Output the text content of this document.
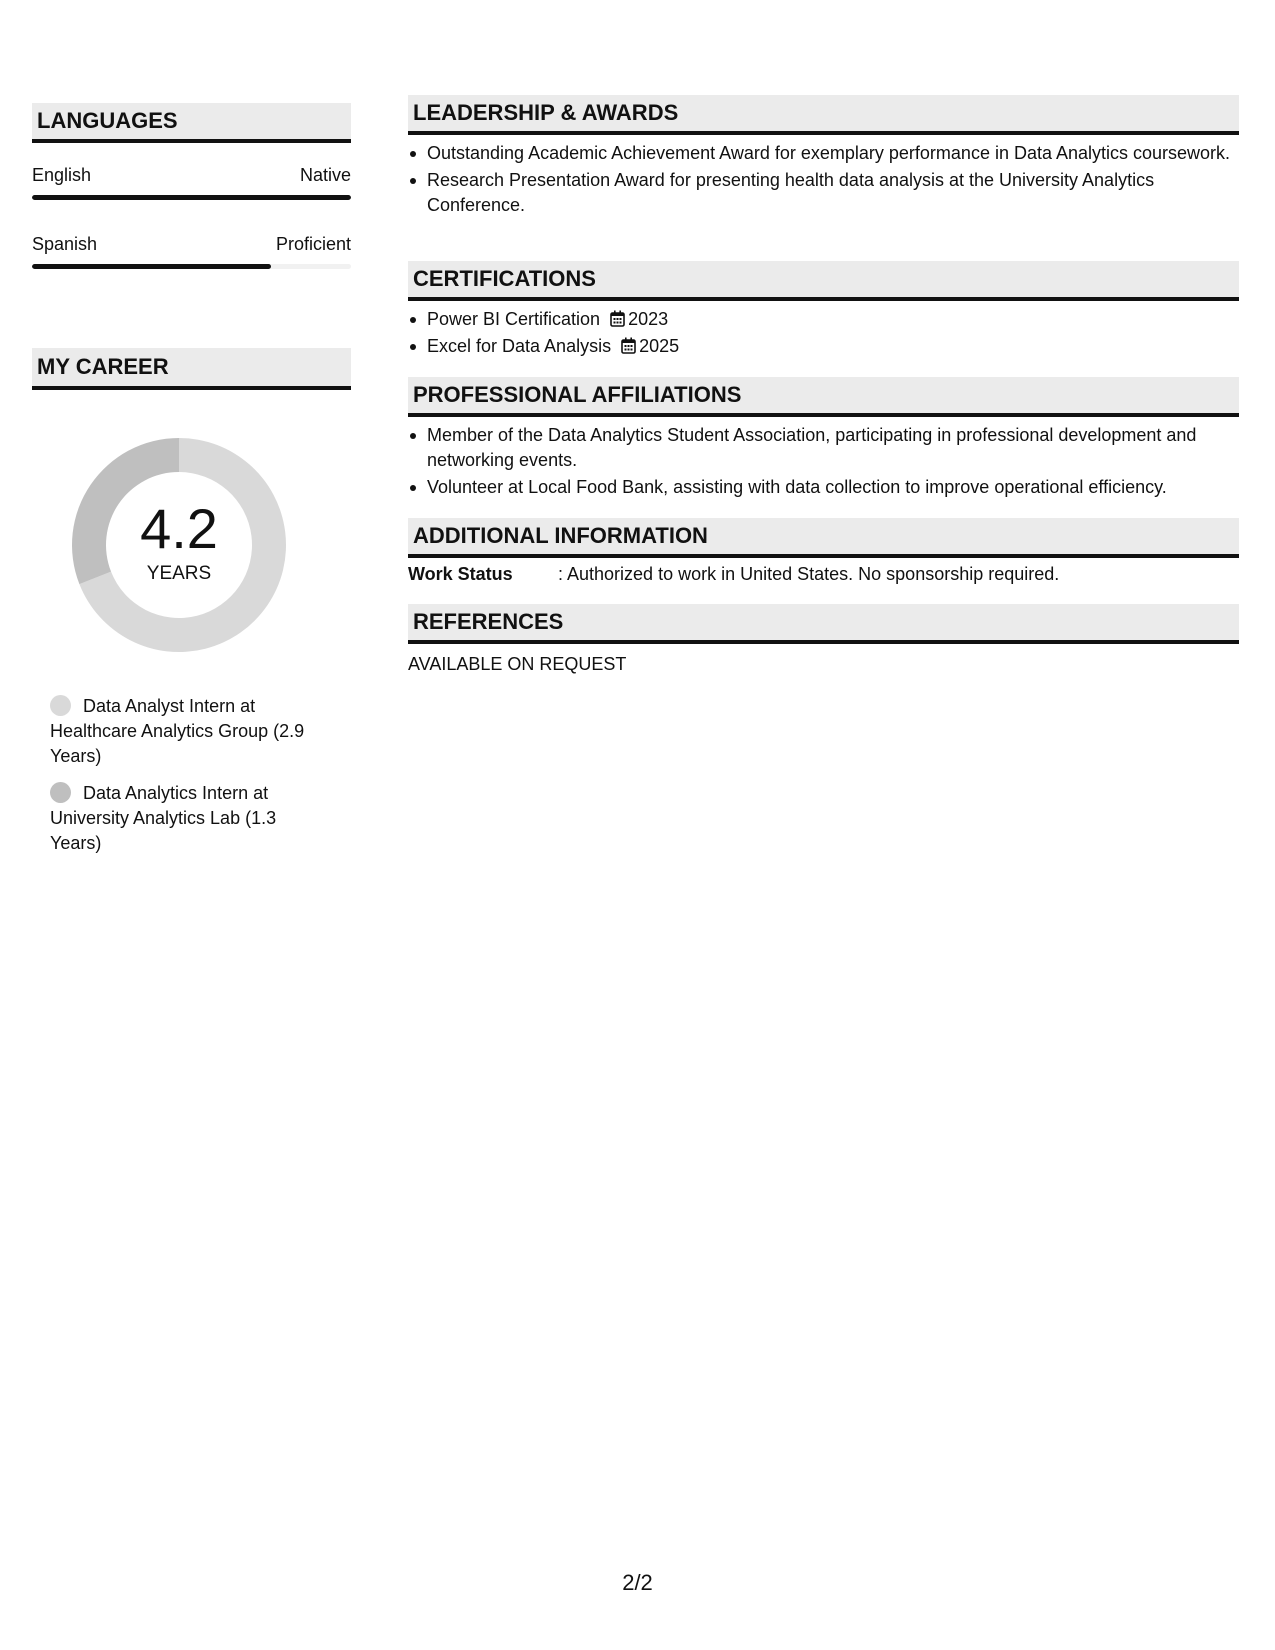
LANGUAGES
English	Native
Spanish	Proficient
MY CAREER
4.2
YEARS
Data Analyst Intern at Healthcare Analytics Group (2.9 Years)
Data Analytics Intern at University Analytics Lab (1.3 Years)
LEADERSHIP & AWARDS
Outstanding Academic Achievement Award for exemplary performance in Data Analytics coursework.
Research Presentation Award for presenting health data analysis at the University Analytics Conference.
CERTIFICATIONS
Power BI Certification 2023
Excel for Data Analysis 2025
PROFESSIONAL AFFILIATIONS
Member of the Data Analytics Student Association, participating in professional development and networking events.
Volunteer at Local Food Bank, assisting with data collection to improve operational efficiency.
ADDITIONAL INFORMATION
Work Status	: Authorized to work in United States. No sponsorship required.
REFERENCES
AVAILABLE ON REQUEST
2/2
